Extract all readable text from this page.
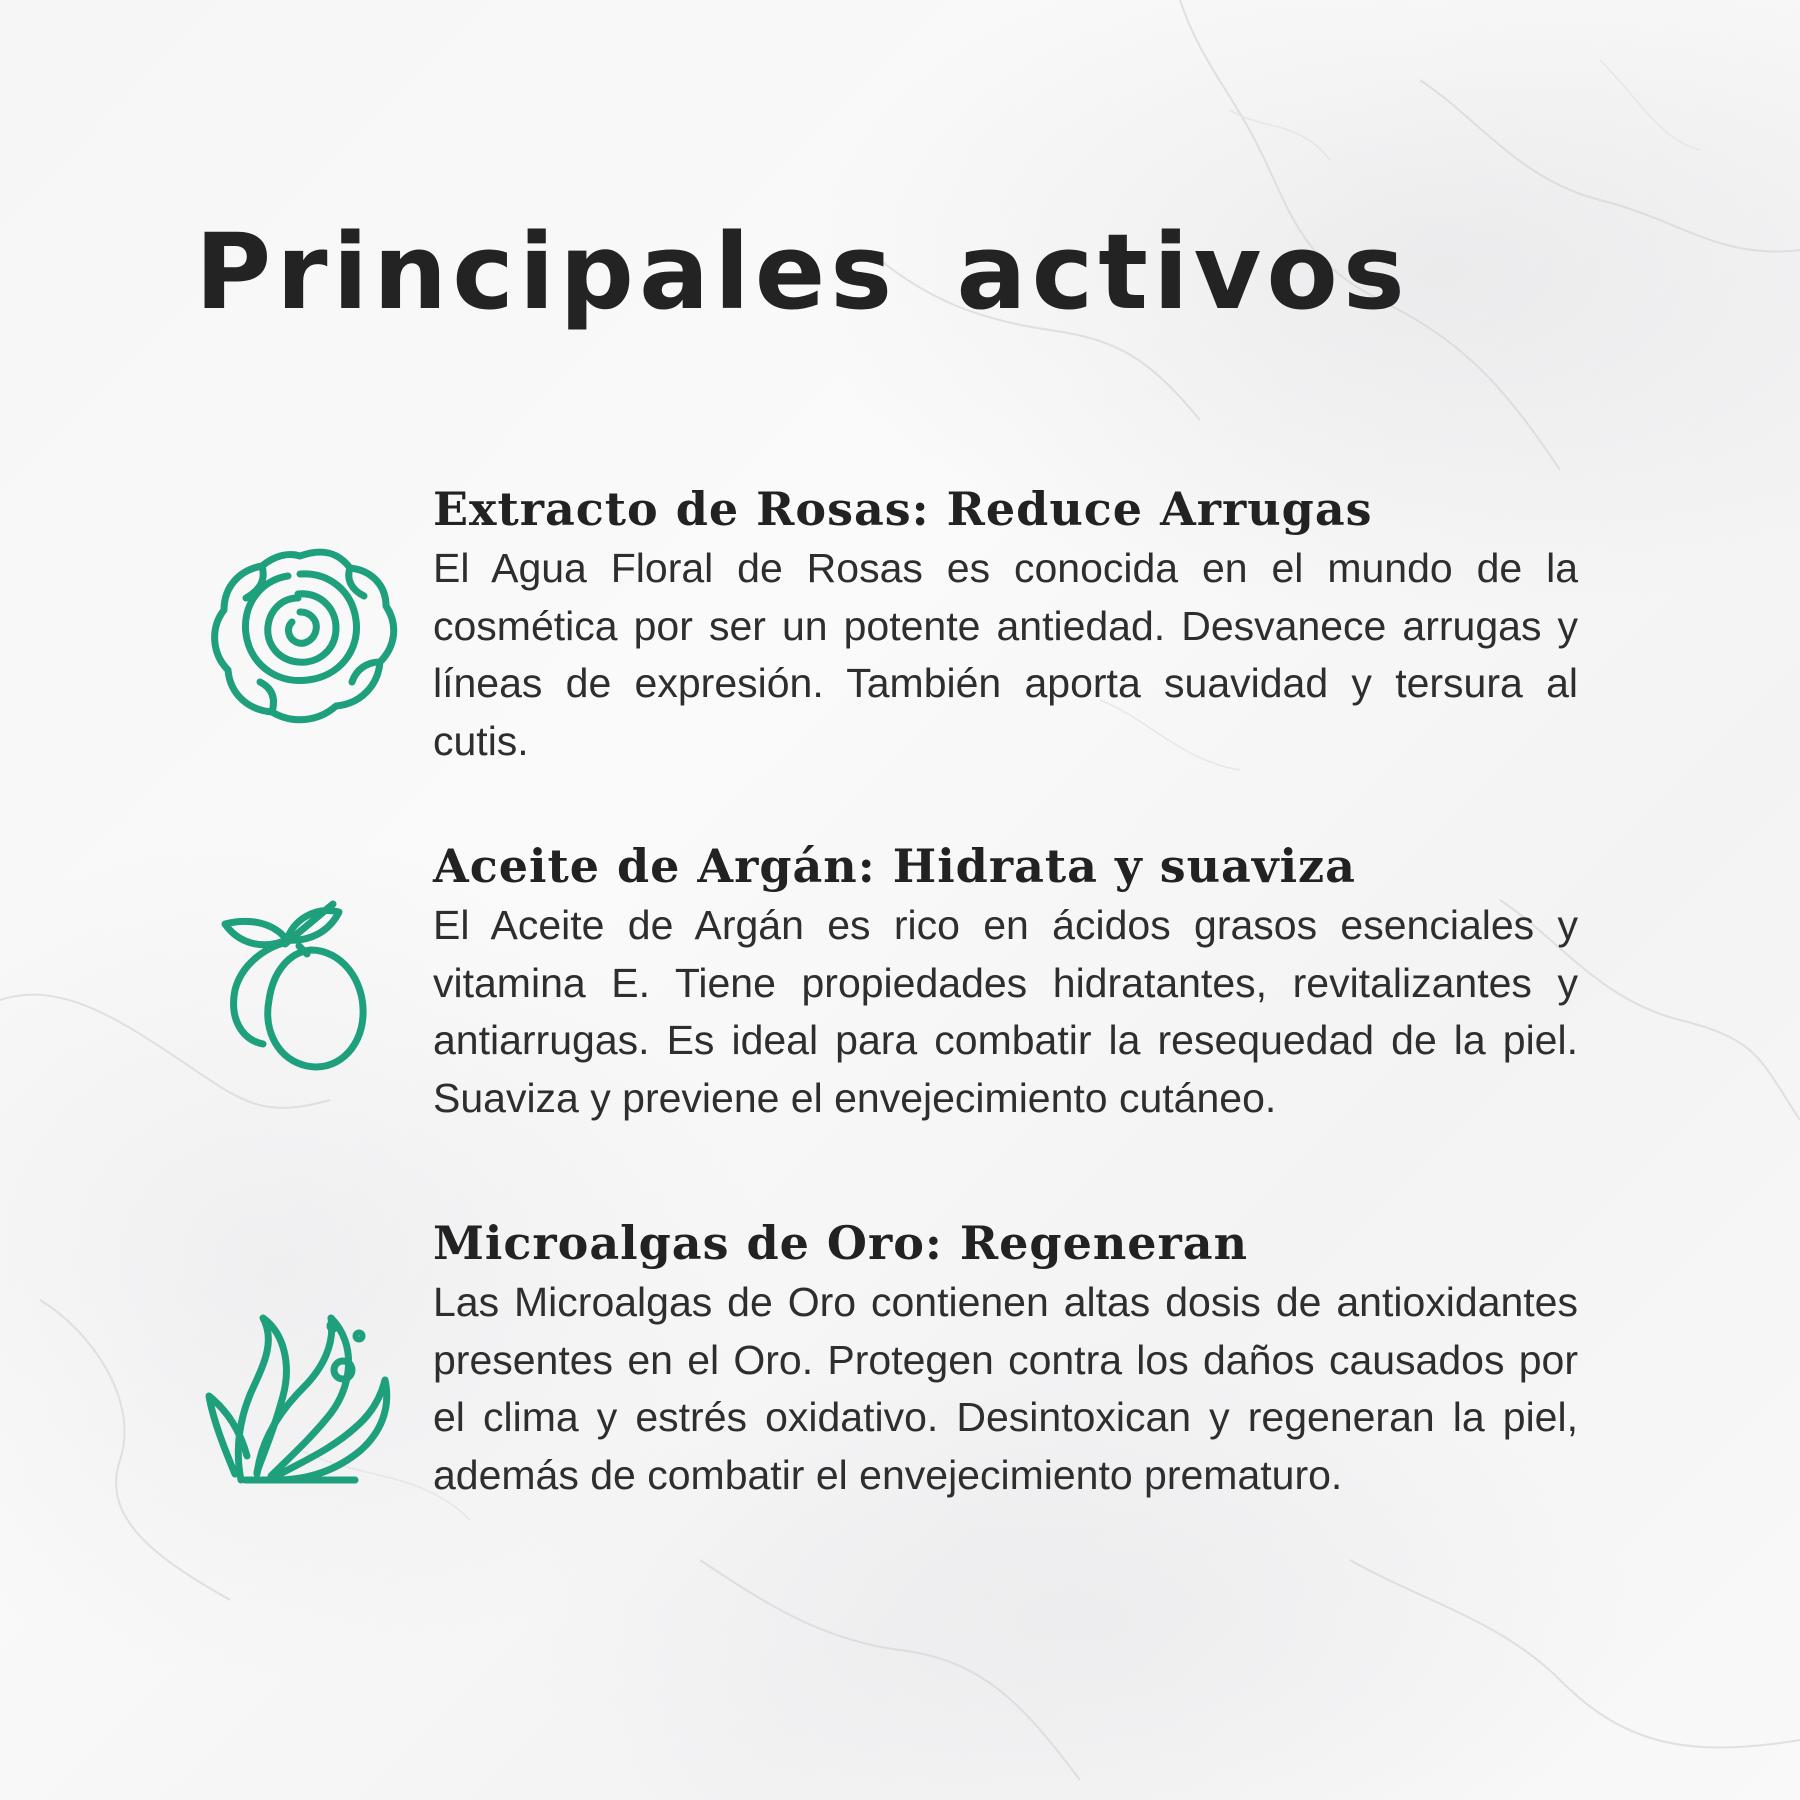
Principales activos
Extracto de Rosas: Reduce Arrugas

El Agua Floral de Rosas es conocida en el mundo de la cosmética por ser un potente antiedad. Desvanece arrugas y líneas de expresión. También aporta suavidad y tersura al cutis.

Aceite de Argán: Hidrata y suaviza

El Aceite de Argán es rico en ácidos grasos esenciales y vitamina E. Tiene propiedades hidratantes, revitalizantes y antiarrugas. Es ideal para combatir la resequedad de la piel. Suaviza y previene el envejecimiento cutáneo.

Microalgas de Oro: Regeneran

Las Microalgas de Oro contienen altas dosis de antioxidantes presentes en el Oro. Protegen contra los daños causados por el clima y estrés oxidativo. Desintoxican y regeneran la piel, además de combatir el envejecimiento prematuro.
